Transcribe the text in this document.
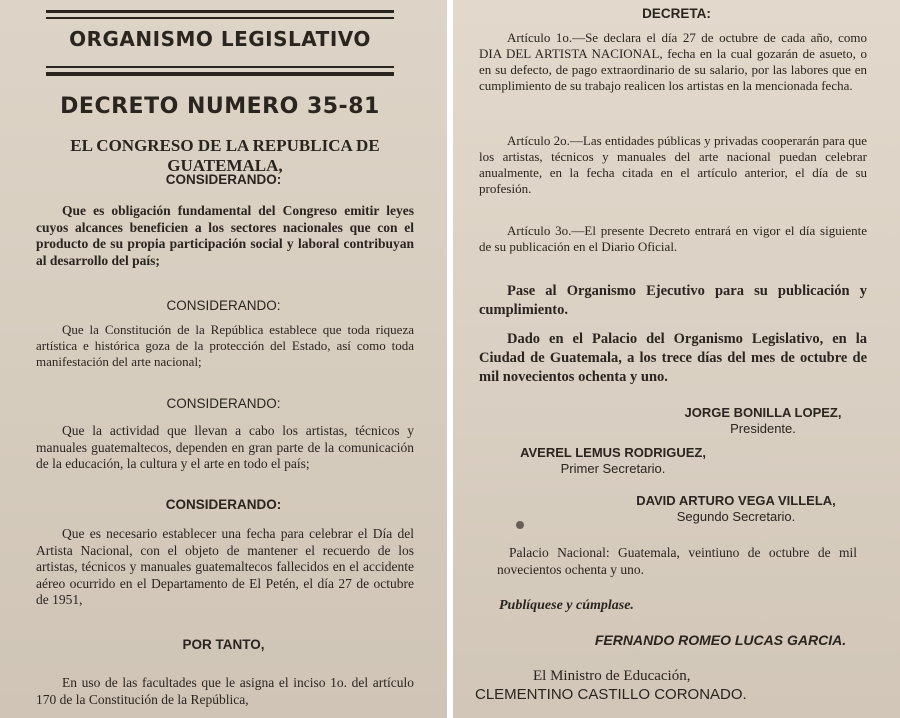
ORGANISMO LEGISLATIVO
DECRETO NUMERO 35-81
EL CONGRESO DE LA REPUBLICA DE GUATEMALA,
CONSIDERANDO:
Que es obligación fundamental del Congreso emitir leyes cuyos alcances beneficien a los sectores nacionales que con el producto de su propia participación social y laboral contribuyan al desarrollo del país;
CONSIDERANDO:
Que la Constitución de la República establece que toda riqueza artística e histórica goza de la protección del Estado, así como toda manifestación del arte nacional;
CONSIDERANDO:
Que la actividad que llevan a cabo los artistas, técnicos y manuales guatemaltecos, dependen en gran parte de la comunicación de la educación, la cultura y el arte en todo el país;
CONSIDERANDO:
Que es necesario establecer una fecha para celebrar el Día del Artista Nacional, con el objeto de mantener el recuerdo de los artistas, técnicos y manuales guatemaltecos fallecidos en el accidente aéreo ocurrido en el Departamento de El Petén, el día 27 de octubre de 1951,
POR TANTO,
En uso de las facultades que le asigna el inciso 1o. del artículo 170 de la Constitución de la República,
DECRETA:
Artículo 1o.—Se declara el día 27 de octubre de cada año, como DIA DEL ARTISTA NACIONAL, fecha en la cual gozarán de asueto, o en su defecto, de pago extraordinario de su salario, por las labores que en cumplimiento de su trabajo realicen los artistas en la mencionada fecha.
Artículo 2o.—Las entidades públicas y privadas cooperarán para que los artistas, técnicos y manuales del arte nacional puedan celebrar anualmente, en la fecha citada en el artículo anterior, el día de su profesión.
Artículo 3o.—El presente Decreto entrará en vigor el día siguiente de su publicación en el Diario Oficial.
Pase al Organismo Ejecutivo para su publicación y cumplimiento.
Dado en el Palacio del Organismo Legislativo, en la Ciudad de Guatemala, a los trece días del mes de octubre de mil novecientos ochenta y uno.
JORGE BONILLA LOPEZ,
Presidente.
AVEREL LEMUS RODRIGUEZ,
Primer Secretario.
DAVID ARTURO VEGA VILLELA,
Segundo Secretario.
Palacio Nacional: Guatemala, veintiuno de octubre de mil novecientos ochenta y uno.
Publíquese y cúmplase.
FERNANDO ROMEO LUCAS GARCIA.
El Ministro de Educación,
CLEMENTINO CASTILLO CORONADO.
